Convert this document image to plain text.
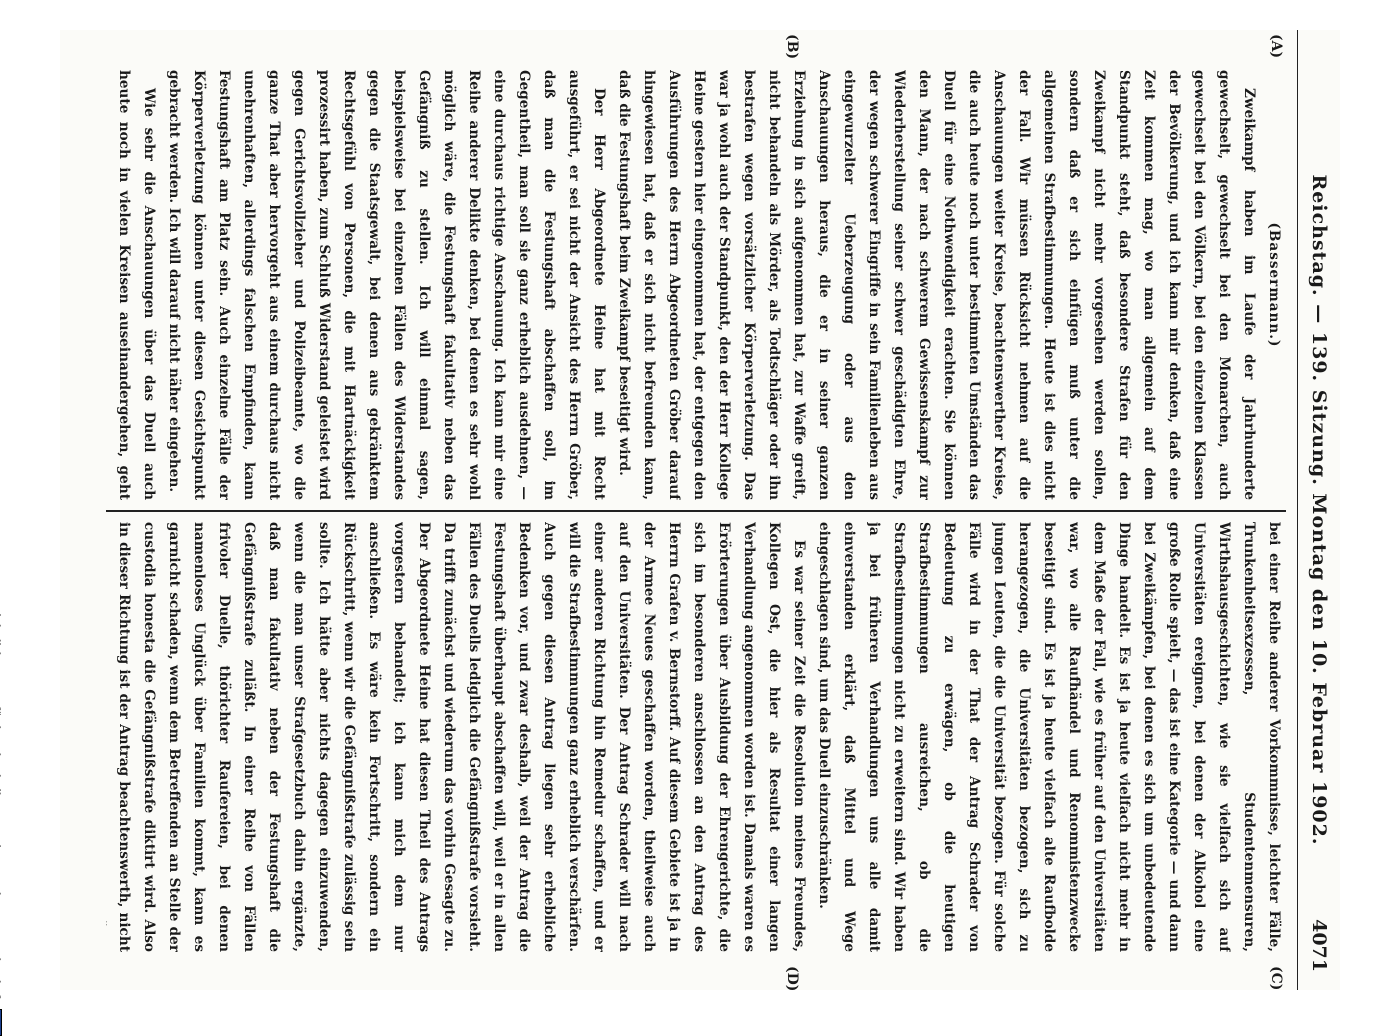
Reichstag. — 139. Sitzung. Montag den 10. Februar 1902.
4071
(A)
(B)
(C)
(D)

(Bassermann.)

Zweikampf haben im Laufe der Jahrhunderte gewechselt, gewechselt bei den Monarchen, auch gewechselt bei den Völkern, bei den einzelnen Klassen der Bevölkerung, und ich kann mir denken, daß eine Zeit kommen mag, wo man allgemein auf dem Standpunkt steht, daß besondere Strafen für den Zweikampf nicht mehr vorgesehen werden sollen, sondern daß er sich einfügen muß unter die allgemeinen Strafbestimmungen. Heute ist dies nicht der Fall. Wir müssen Rücksicht nehmen auf die Anschauungen weiter Kreise, beachtenswerther Kreise, die auch heute noch unter bestimmten Umständen das Duell für eine Nothwendigkeit erachten. Sie können den Mann, der nach schwerem Gewissenskampf zur Wiederherstellung seiner schwer geschädigten Ehre, der wegen schwerer Eingriffe in sein Familienleben aus eingewurzelter Ueberzeugung oder aus den Anschauungen heraus, die er in seiner ganzen Erziehung in sich aufgenommen hat, zur Waffe greift, nicht behandeln als Mörder, als Todtschläger oder ihn bestrafen wegen vorsätzlicher Körperverletzung. Das war ja wohl auch der Standpunkt, den der Herr Kollege Heine gestern hier eingenommen hat, der entgegen den Ausführungen des Herrn Abgeordneten Gröber darauf hingewiesen hat, daß er sich nicht befreunden kann, daß die Festungshaft beim Zweikampf beseitigt wird.

Der Herr Abgeordnete Heine hat mit Recht ausgeführt, er sei nicht der Ansicht des Herrn Gröber, daß man die Festungshaft abschaffen soll, im Gegentheil, man soll sie ganz erheblich ausdehnen, — eine durchaus richtige Anschauung. Ich kann mir eine Reihe anderer Delikte denken, bei denen es sehr wohl möglich wäre, die Festungshaft fakultativ neben das Gefängniß zu stellen. Ich will einmal sagen, beispielsweise bei einzelnen Fällen des Widerstandes gegen die Staatsgewalt, bei denen aus gekränktem Rechtsgefühl von Personen, die mit Hartnäckigkeit prozessirt haben, zum Schluß Widerstand geleistet wird gegen Gerichtsvollzieher und Polizeibeamte, wo die ganze That aber hervorgeht aus einem durchaus nicht unehrenhaften, allerdings falschen Empfinden, kann Festungshaft am Platz sein. Auch einzelne Fälle der Körperverletzung können unter diesen Gesichtspunkt gebracht werden. Ich will darauf nicht näher eingehen.

Wie sehr die Anschauungen über das Duell auch heute noch in vielen Kreisen auseinandergehen, geht

bei einer Reihe anderer Vorkommnisse, leichter Fälle, Trunkenheitsexzessen, Studentenmensuren, Wirthshausgeschichten, wie sie vielfach sich auf Universitäten ereignen, bei denen der Alkohol eine große Rolle spielt, — das ist eine Kategorie — und dann bei Zweikämpfen, bei denen es sich um unbedeutende Dinge handelt. Es ist ja heute vielfach nicht mehr in dem Maße der Fall, wie es früher auf den Universitäten war, wo alle Raufhändel und Renommistenzwecke beseitigt sind. Es ist ja heute vielfach alte Raufbolde herangezogen, die Universitäten bezogen, sich zu jungen Leuten, die die Universität bezogen. Für solche Fälle wird in der That der Antrag Schrader von Bedeutung zu erwägen, ob die heutigen Strafbestimmungen ausreichen, ob die Strafbestimmungen nicht zu erweitern sind. Wir haben ja bei früheren Verhandlungen uns alle damit einverstanden erklärt, daß Mittel und Wege eingeschlagen sind, um das Duell einzuschränken.

Es war seiner Zeit die Resolution meines Freundes, Kollegen Ost, die hier als Resultat einer langen Verhandlung angenommen worden ist. Damals waren es Erörterungen über Ausbildung der Ehrengerichte, die sich im besonderen anschlossen an den Antrag des Herrn Grafen v. Bernstorff. Auf diesem Gebiete ist ja in der Armee Neues geschaffen worden, theilweise auch auf den Universitäten. Der Antrag Schrader will nach einer anderen Richtung hin Remedur schaffen, und er will die Strafbestimmungen ganz erheblich verschärfen. Auch gegen diesen Antrag liegen sehr erhebliche Bedenken vor, und zwar deshalb, weil der Antrag die Festungshaft überhaupt abschaffen will, weil er in allen Fällen des Duells lediglich die Gefängnißstrafe vorsieht. Da trifft zunächst und wiederum das vorhin Gesagte zu. Der Abgeordnete Heine hat diesen Theil des Antrags vorgestern behandelt; ich kann mich dem nur anschließen. Es wäre kein Fortschritt, sondern ein Rückschritt, wenn wir die Gefängnißstrafe zulässig sein sollte. Ich hätte aber nichts dagegen einzuwenden, wenn die man unser Strafgesetzbuch dahin ergänzte, daß man fakultativ neben der Festungshaft die Gefängnißstrafe zuläßt. In einer Reihe von Fällen frivoler Duelle, thörichter Raufereien, bei denen namenloses Unglück über Familien kommt, kann es garnicht schaden, wenn dem Betreffenden an Stelle der custodia honesta die Gefängnißstrafe diktirt wird. Also in dieser Richtung ist der Antrag beachtenswerth, nicht
